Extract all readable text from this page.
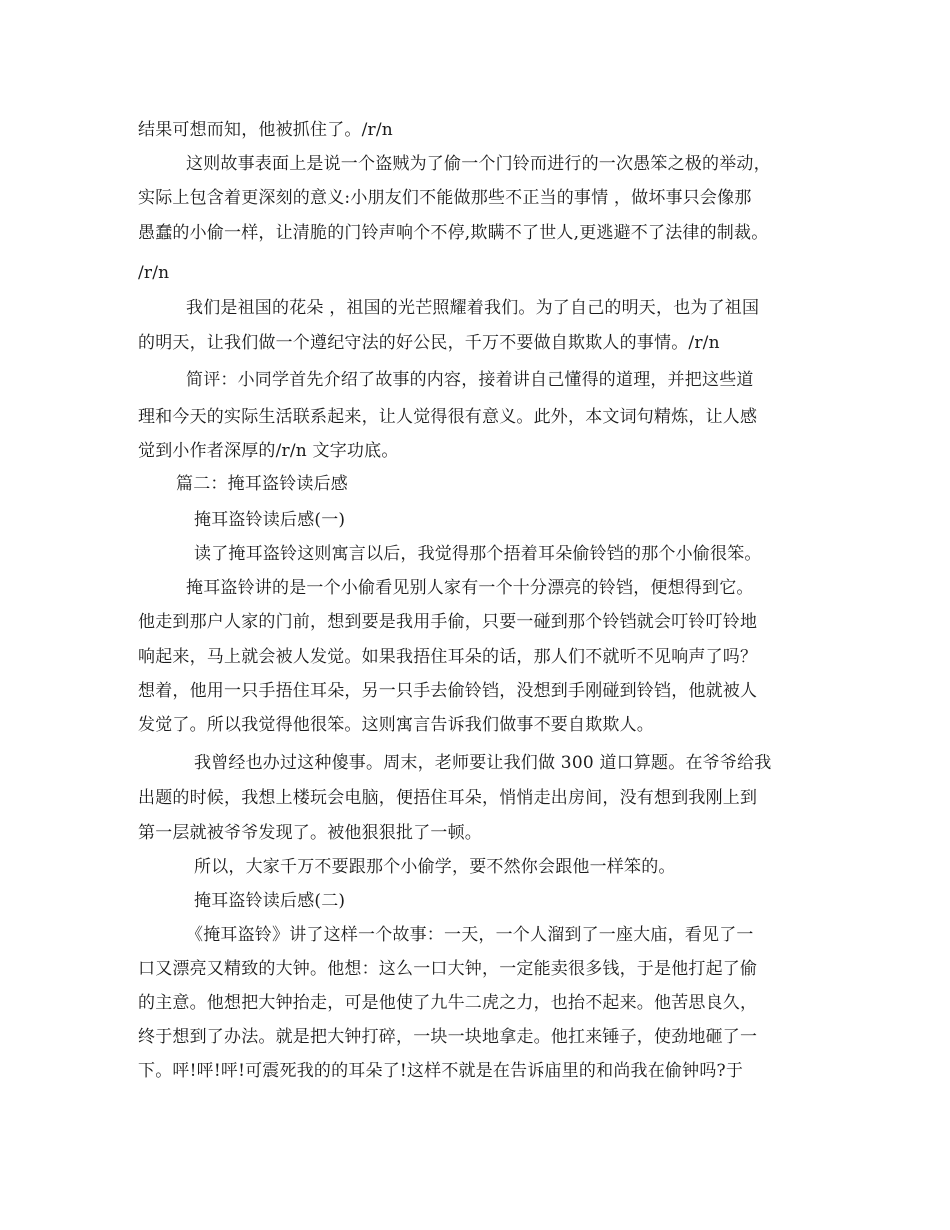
结果可想而知，他被抓住了。/r/n
这则故事表面上是说一个盗贼为了偷一个门铃而进行的一次愚笨之极的举动，
实际上包含着更深刻的意义:小朋友们不能做那些不正当的事情 ，做坏事只会像那
愚蠢的小偷一样，让清脆的门铃声响个不停,欺瞒不了世人,更逃避不了法律的制裁。
/r/n
我们是祖国的花朵 ，祖国的光芒照耀着我们。为了自己的明天，也为了祖国
的明天，让我们做一个遵纪守法的好公民，千万不要做自欺欺人的事情。/r/n
简评：小同学首先介绍了故事的内容，接着讲自己懂得的道理，并把这些道
理和今天的实际生活联系起来，让人觉得很有意义。此外，本文词句精炼，让人感
觉到小作者深厚的/r/n 文字功底。
篇二：掩耳盗铃读后感
掩耳盗铃读后感(一)
读了掩耳盗铃这则寓言以后，我觉得那个捂着耳朵偷铃铛的那个小偷很笨。
掩耳盗铃讲的是一个小偷看见别人家有一个十分漂亮的铃铛，便想得到它。
他走到那户人家的门前，想到要是我用手偷，只要一碰到那个铃铛就会叮铃叮铃地
响起来，马上就会被人发觉。如果我捂住耳朵的话，那人们不就听不见响声了吗？
想着，他用一只手捂住耳朵，另一只手去偷铃铛，没想到手刚碰到铃铛，他就被人
发觉了。所以我觉得他很笨。这则寓言告诉我们做事不要自欺欺人。
我曾经也办过这种傻事。周末，老师要让我们做 300 道口算题。在爷爷给我
出题的时候，我想上楼玩会电脑，便捂住耳朵，悄悄走出房间，没有想到我刚上到
第一层就被爷爷发现了。被他狠狠批了一顿。
所以，大家千万不要跟那个小偷学，要不然你会跟他一样笨的。
掩耳盗铃读后感(二)
《掩耳盗铃》讲了这样一个故事：一天，一个人溜到了一座大庙，看见了一
口又漂亮又精致的大钟。他想：这么一口大钟，一定能卖很多钱，于是他打起了偷
的主意。他想把大钟抬走，可是他使了九牛二虎之力，也抬不起来。他苦思良久，
终于想到了办法。就是把大钟打碎，一块一块地拿走。他扛来锤子，使劲地砸了一
下。呯!呯!呯!可震死我的的耳朵了!这样不就是在告诉庙里的和尚我在偷钟吗?于
